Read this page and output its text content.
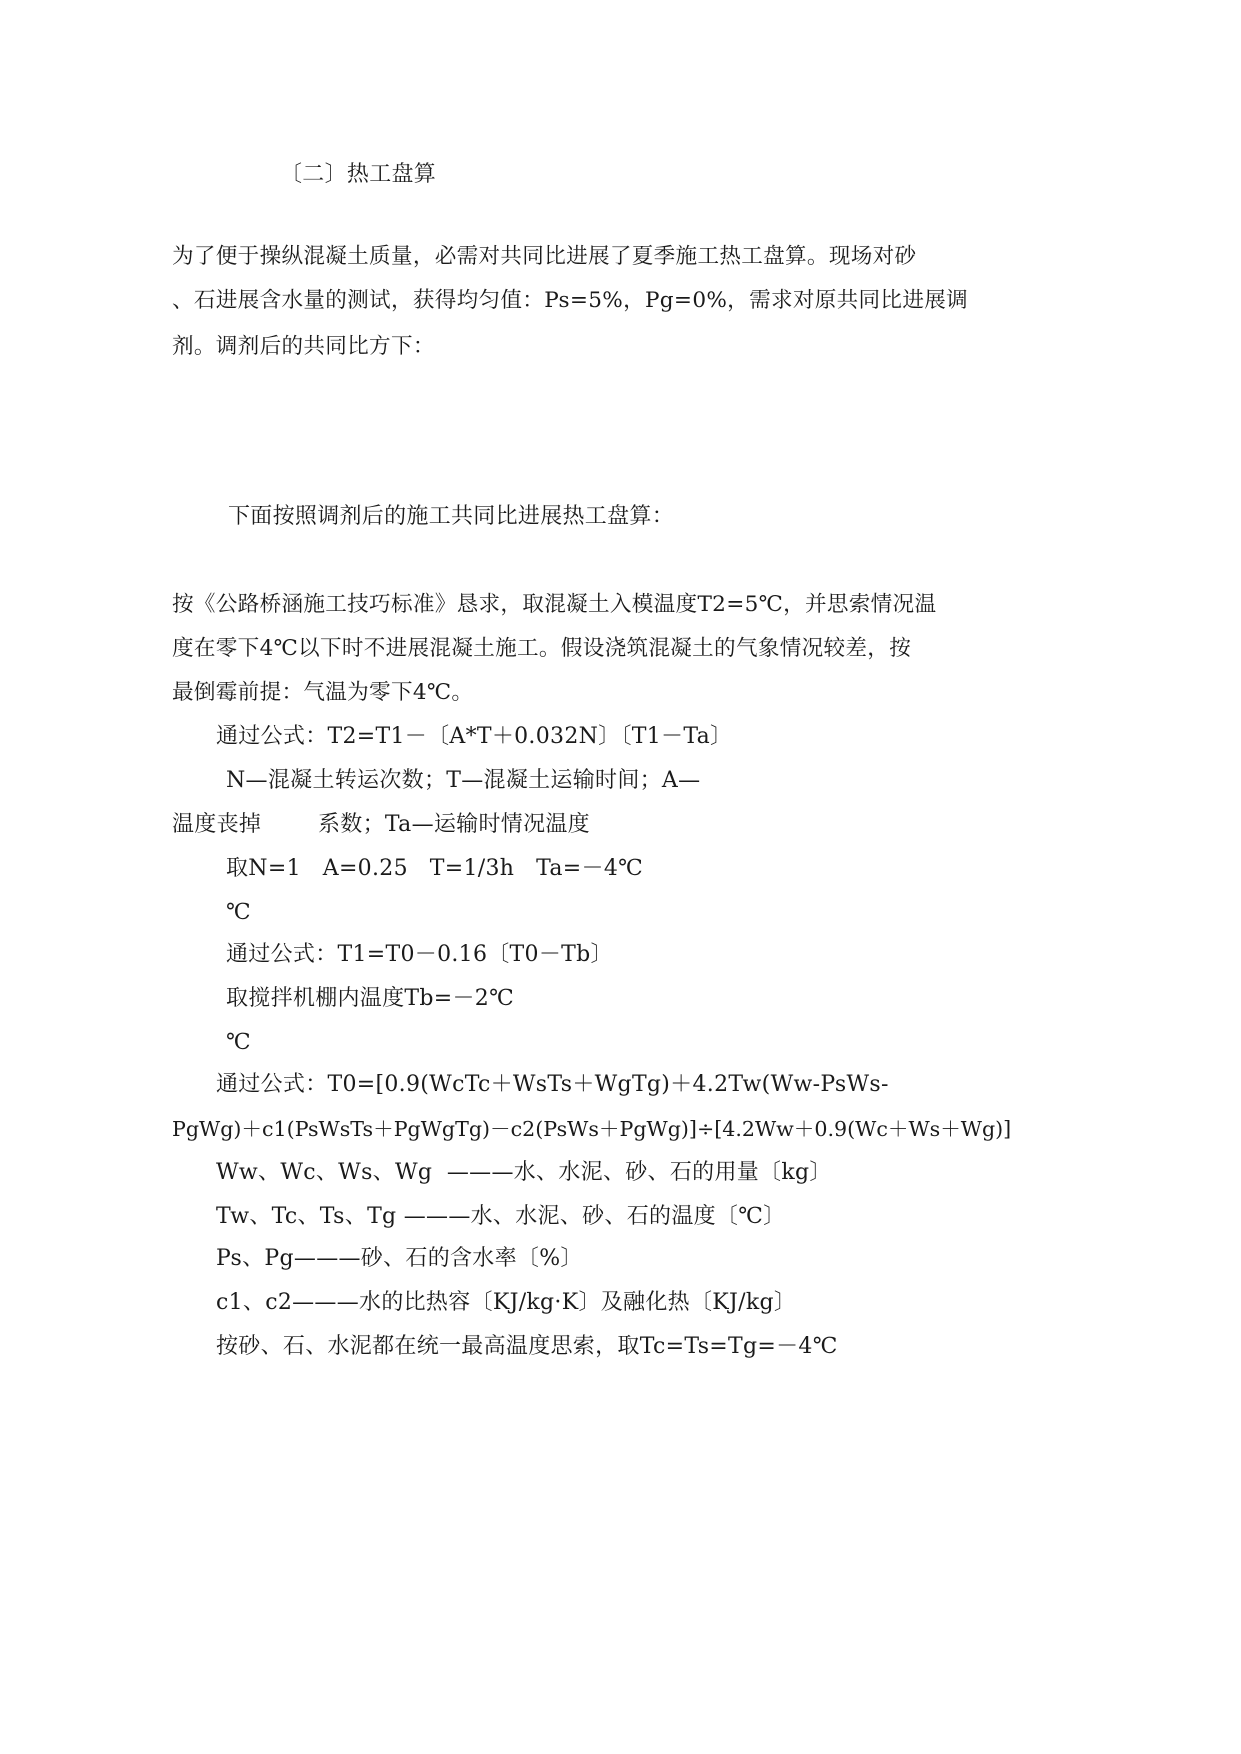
〔二〕热工盘算
为了便于操纵混凝土质量，必需对共同比进展了夏季施工热工盘算。现场对砂
、石进展含水量的测试，获得均匀值：Ps=5%，Pg=0%，需求对原共同比进展调
剂。调剂后的共同比方下：
下面按照调剂后的施工共同比进展热工盘算：
按《公路桥涵施工技巧标准》恳求，取混凝土入模温度T2=5℃，并思索情况温
度在零下4℃以下时不进展混凝土施工。假设浇筑混凝土的气象情况较差，按
最倒霉前提：气温为零下4℃。
通过公式：T2=T1－〔A*T＋0.032N〕〔T1－Ta〕
N—混凝土转运次数；T—混凝土运输时间；A—
温度丧掉	系数；Ta—运输时情况温度
取N=1   A=0.25   T=1/3h   Ta=－4℃
℃
通过公式：T1=T0－0.16〔T0－Tb〕
取搅拌机棚内温度Tb=－2℃
℃
通过公式：T0=[0.9(WcTc＋WsTs＋WgTg)＋4.2Tw(Ww-PsWs-
PgWg)＋c1(PsWsTs＋PgWgTg)－c2(PsWs＋PgWg)]÷[4.2Ww＋0.9(Wc＋Ws＋Wg)]
Ww、Wc、Ws、Wg  ———水、水泥、砂、石的用量〔kg〕
Tw、Tc、Ts、Tg ———水、水泥、砂、石的温度〔℃〕
Ps、Pg———砂、石的含水率〔%〕
c1、c2———水的比热容〔KJ/kg·K〕及融化热〔KJ/kg〕
按砂、石、水泥都在统一最高温度思索，取Tc=Ts=Tg=－4℃
